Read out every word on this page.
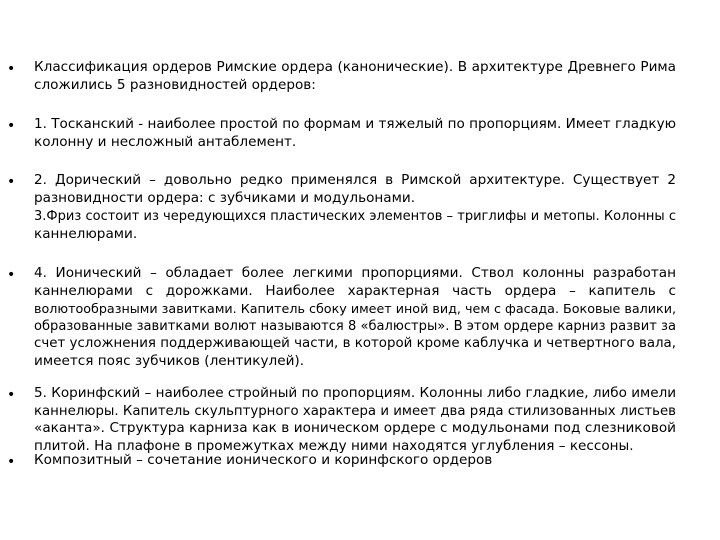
• Классификация ордеров Римские ордера (канонические). В архитектуре Древнего Рима
сложились 5 разновидностей ордеров:
• 1. Тосканский - наиболее простой по формам и тяжелый по пропорциям. Имеет гладкую
колонну и несложный антаблемент.
• 2. Дорический – довольно редко применялся в Римской архитектуре. Существует 2
разновидности ордера: с зубчиками и модульонами.
3.Фриз состоит из чередующихся пластических элементов – триглифы и метопы. Колонны с
каннелюрами.
• 4. Ионический – обладает более легкими пропорциями. Ствол колонны разработан
каннелюрами с дорожками. Наиболее характерная часть ордера – капитель с
волютообразными завитками. Капитель сбоку имеет иной вид, чем с фасада. Боковые валики,
образованные завитками волют называются 8 «балюстры». В этом ордере карниз развит за
счет усложнения поддерживающей части, в которой кроме каблучка и четвертного вала,
имеется пояс зубчиков (лентикулей).
• 5. Коринфский – наиболее стройный по пропорциям. Колонны либо гладкие, либо имели
каннелюры. Капитель скульптурного характера и имеет два ряда стилизованных листьев
«аканта». Структура карниза как в ионическом ордере с модульонами под слезниковой
плитой. На плафоне в промежутках между ними находятся углубления – кессоны.
• Композитный – сочетание ионического и коринфского ордеров
